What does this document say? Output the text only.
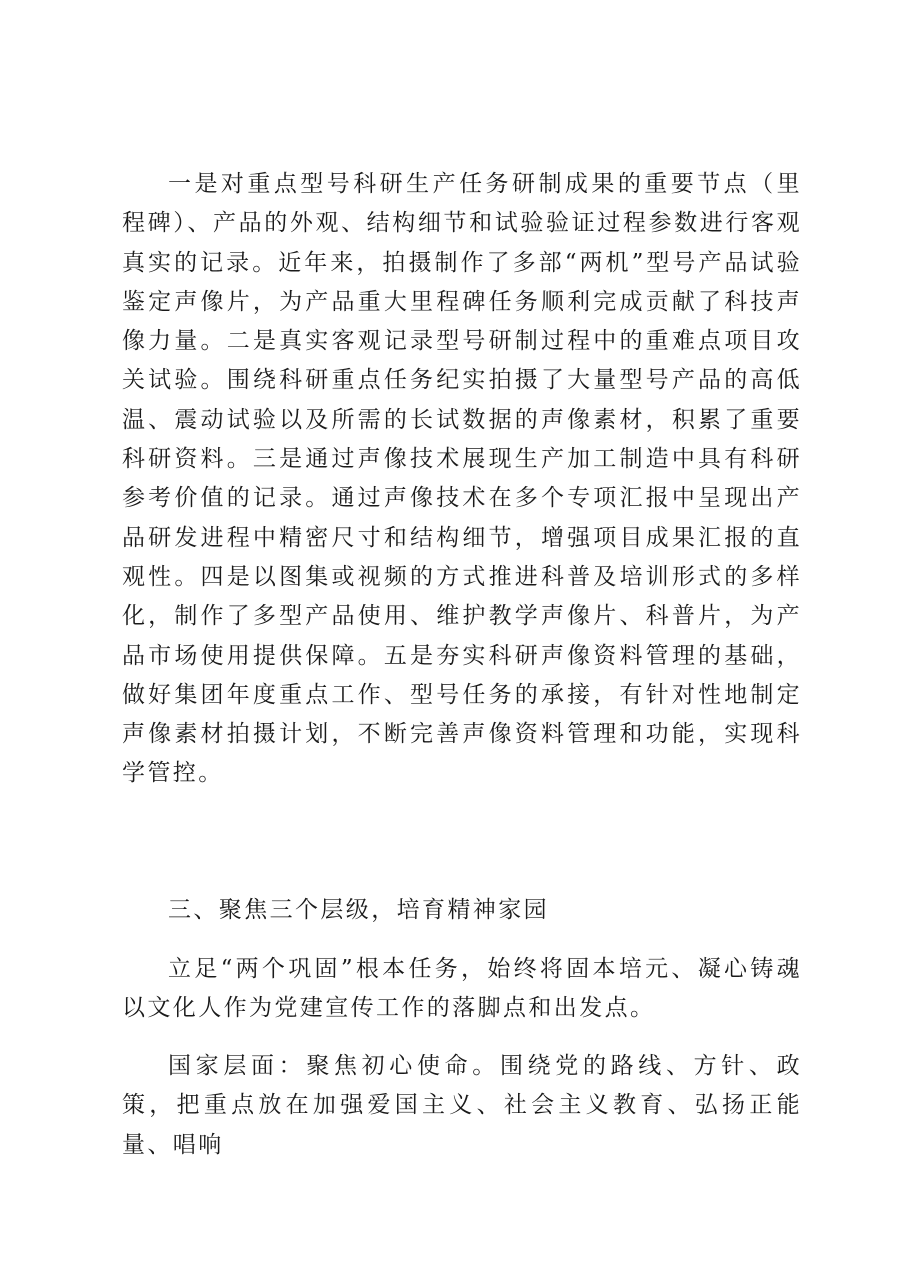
一是对重点型号科研生产任务研制成果的重要节点（里程碑）、产品的外观、结构细节和试验验证过程参数进行客观真实的记录。近年来，拍摄制作了多部“两机”型号产品试验鉴定声像片，为产品重大里程碑任务顺利完成贡献了科技声像力量。二是真实客观记录型号研制过程中的重难点项目攻关试验。围绕科研重点任务纪实拍摄了大量型号产品的高低温、震动试验以及所需的长试数据的声像素材，积累了重要科研资料。三是通过声像技术展现生产加工制造中具有科研参考价值的记录。通过声像技术在多个专项汇报中呈现出产品研发进程中精密尺寸和结构细节，增强项目成果汇报的直观性。四是以图集或视频的方式推进科普及培训形式的多样化，制作了多型产品使用、维护教学声像片、科普片，为产品市场使用提供保障。五是夯实科研声像资料管理的基础，做好集团年度重点工作、型号任务的承接，有针对性地制定声像素材拍摄计划，不断完善声像资料管理和功能，实现科学管控。

三、聚焦三个层级，培育精神家园

立足“两个巩固”根本任务，始终将固本培元、凝心铸魂以文化人作为党建宣传工作的落脚点和出发点。

国家层面：聚焦初心使命。围绕党的路线、方针、政策，把重点放在加强爱国主义、社会主义教育、弘扬正能量、唱响
